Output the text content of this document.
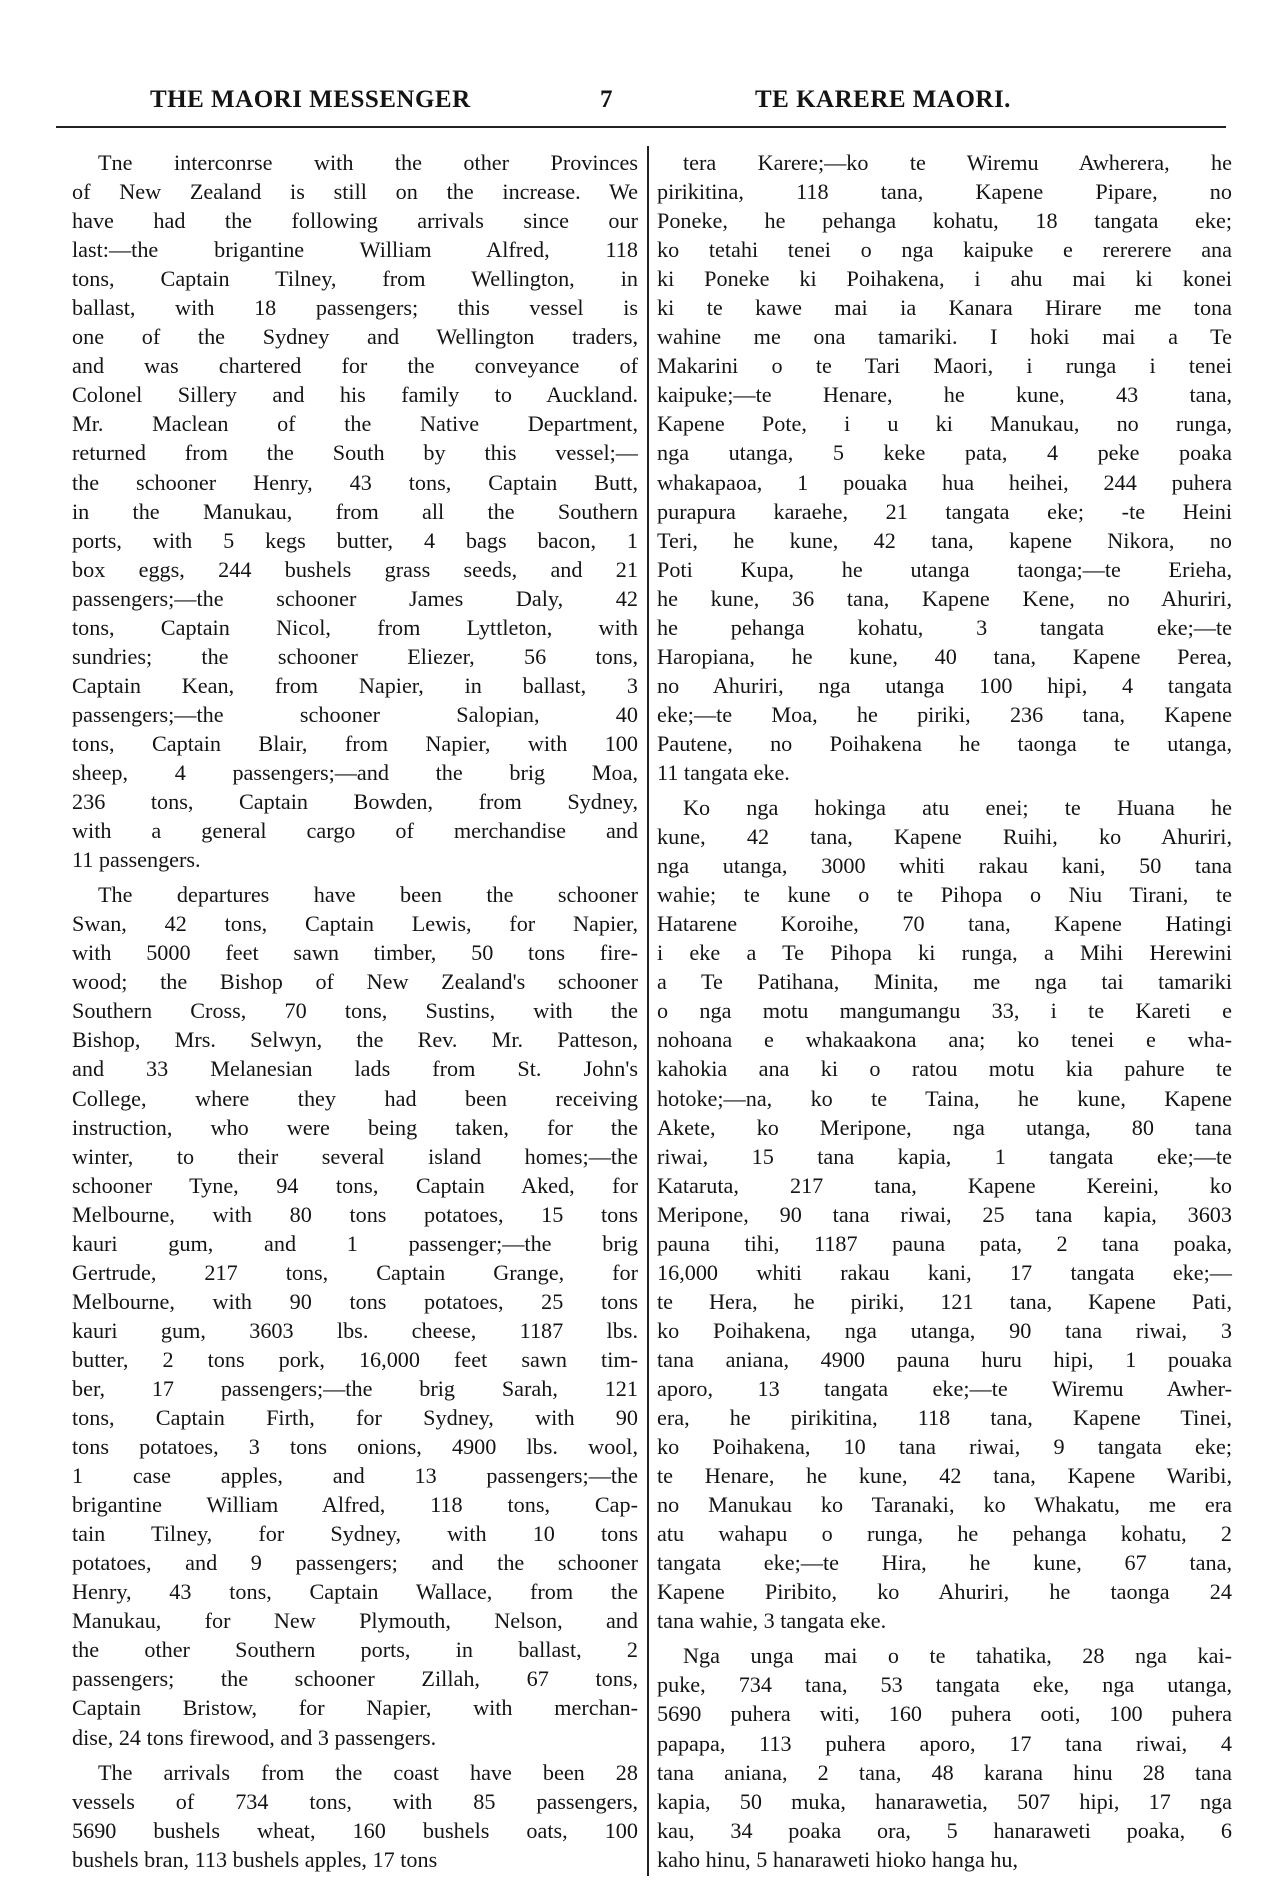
THE MAORI MESSENGER	7	TE KARERE MAORI.

Tne interconrse with the other Provinces
of New Zealand is still on the increase. We
have had the following arrivals since our
last:—the brigantine William Alfred, 118
tons, Captain Tilney, from Wellington, in
ballast, with 18 passengers; this vessel is
one of the Sydney and Wellington traders,
and was chartered for the conveyance of
Colonel Sillery and his family to Auckland.
Mr. Maclean of the Native Department,
returned from the South by this vessel;—
the schooner Henry, 43 tons, Captain Butt,
in the Manukau, from all the Southern
ports, with 5 kegs butter, 4 bags bacon, 1
box eggs, 244 bushels grass seeds, and 21
passengers;—the schooner James Daly, 42
tons, Captain Nicol, from Lyttleton, with
sundries; the schooner Eliezer, 56 tons,
Captain Kean, from Napier, in ballast, 3
passengers;—the schooner Salopian, 40
tons, Captain Blair, from Napier, with 100
sheep, 4 passengers;—and the brig Moa,
236 tons, Captain Bowden, from Sydney,
with a general cargo of merchandise and
11 passengers.

The departures have been the schooner
Swan, 42 tons, Captain Lewis, for Napier,
with 5000 feet sawn timber, 50 tons fire-
wood; the Bishop of New Zealand's schooner
Southern Cross, 70 tons, Sustins, with the
Bishop, Mrs. Selwyn, the Rev. Mr. Patteson,
and 33 Melanesian lads from St. John's
College, where they had been receiving
instruction, who were being taken, for the
winter, to their several island homes;—the
schooner Tyne, 94 tons, Captain Aked, for
Melbourne, with 80 tons potatoes, 15 tons
kauri gum, and 1 passenger;—the brig
Gertrude, 217 tons, Captain Grange, for
Melbourne, with 90 tons potatoes, 25 tons
kauri gum, 3603 lbs. cheese, 1187 lbs.
butter, 2 tons pork, 16,000 feet sawn tim-
ber, 17 passengers;—the brig Sarah, 121
tons, Captain Firth, for Sydney, with 90
tons potatoes, 3 tons onions, 4900 lbs. wool,
1 case apples, and 13 passengers;—the
brigantine William Alfred, 118 tons, Cap-
tain Tilney, for Sydney, with 10 tons
potatoes, and 9 passengers; and the schooner
Henry, 43 tons, Captain Wallace, from the
Manukau, for New Plymouth, Nelson, and
the other Southern ports, in ballast, 2
passengers; the schooner Zillah, 67 tons,
Captain Bristow, for Napier, with merchan-
dise, 24 tons firewood, and 3 passengers.

The arrivals from the coast have been 28
vessels of 734 tons, with 85 passengers,
5690 bushels wheat, 160 bushels oats, 100
bushels bran, 113 bushels apples, 17 tons

tera Karere;—ko te Wiremu Awherera, he
pirikitina, 118 tana, Kapene Pipare, no
Poneke, he pehanga kohatu, 18 tangata eke;
ko tetahi tenei o nga kaipuke e rererere ana
ki Poneke ki Poihakena, i ahu mai ki konei
ki te kawe mai ia Kanara Hirare me tona
wahine me ona tamariki. I hoki mai a Te
Makarini o te Tari Maori, i runga i tenei
kaipuke;—te Henare, he kune, 43 tana,
Kapene Pote, i u ki Manukau, no runga,
nga utanga, 5 keke pata, 4 peke poaka
whakapaoa, 1 pouaka hua heihei, 244 puhera
purapura karaehe, 21 tangata eke; -te Heini
Teri, he kune, 42 tana, kapene Nikora, no
Poti Kupa, he utanga taonga;—te Erieha,
he kune, 36 tana, Kapene Kene, no Ahuriri,
he pehanga kohatu, 3 tangata eke;—te
Haropiana, he kune, 40 tana, Kapene Perea,
no Ahuriri, nga utanga 100 hipi, 4 tangata
eke;—te Moa, he piriki, 236 tana, Kapene
Pautene, no Poihakena he taonga te utanga,
11 tangata eke.

Ko nga hokinga atu enei; te Huana he
kune, 42 tana, Kapene Ruihi, ko Ahuriri,
nga utanga, 3000 whiti rakau kani, 50 tana
wahie; te kune o te Pihopa o Niu Tirani, te
Hatarene Koroihe, 70 tana, Kapene Hatingi
i eke a Te Pihopa ki runga, a Mihi Herewini
a Te Patihana, Minita, me nga tai tamariki
o nga motu mangumangu 33, i te Kareti e
nohoana e whakaakona ana; ko tenei e wha-
kahokia ana ki o ratou motu kia pahure te
hotoke;—na, ko te Taina, he kune, Kapene
Akete, ko Meripone, nga utanga, 80 tana
riwai, 15 tana kapia, 1 tangata eke;—te
Kataruta, 217 tana, Kapene Kereini, ko
Meripone, 90 tana riwai, 25 tana kapia, 3603
pauna tihi, 1187 pauna pata, 2 tana poaka,
16,000 whiti rakau kani, 17 tangata eke;—
te Hera, he piriki, 121 tana, Kapene Pati,
ko Poihakena, nga utanga, 90 tana riwai, 3
tana aniana, 4900 pauna huru hipi, 1 pouaka
aporo, 13 tangata eke;—te Wiremu Awher-
era, he pirikitina, 118 tana, Kapene Tinei,
ko Poihakena, 10 tana riwai, 9 tangata eke;
te Henare, he kune, 42 tana, Kapene Waribi,
no Manukau ko Taranaki, ko Whakatu, me era
atu wahapu o runga, he pehanga kohatu, 2
tangata eke;—te Hira, he kune, 67 tana,
Kapene Piribito, ko Ahuriri, he taonga 24
tana wahie, 3 tangata eke.

Nga unga mai o te tahatika, 28 nga kai-
puke, 734 tana, 53 tangata eke, nga utanga,
5690 puhera witi, 160 puhera ooti, 100 puhera
papapa, 113 puhera aporo, 17 tana riwai, 4
tana aniana, 2 tana, 48 karana hinu 28 tana
kapia, 50 muka, hanarawetia, 507 hipi, 17 nga
kau, 34 poaka ora, 5 hanaraweti poaka, 6
kaho hinu, 5 hanaraweti hioko hanga hu,
